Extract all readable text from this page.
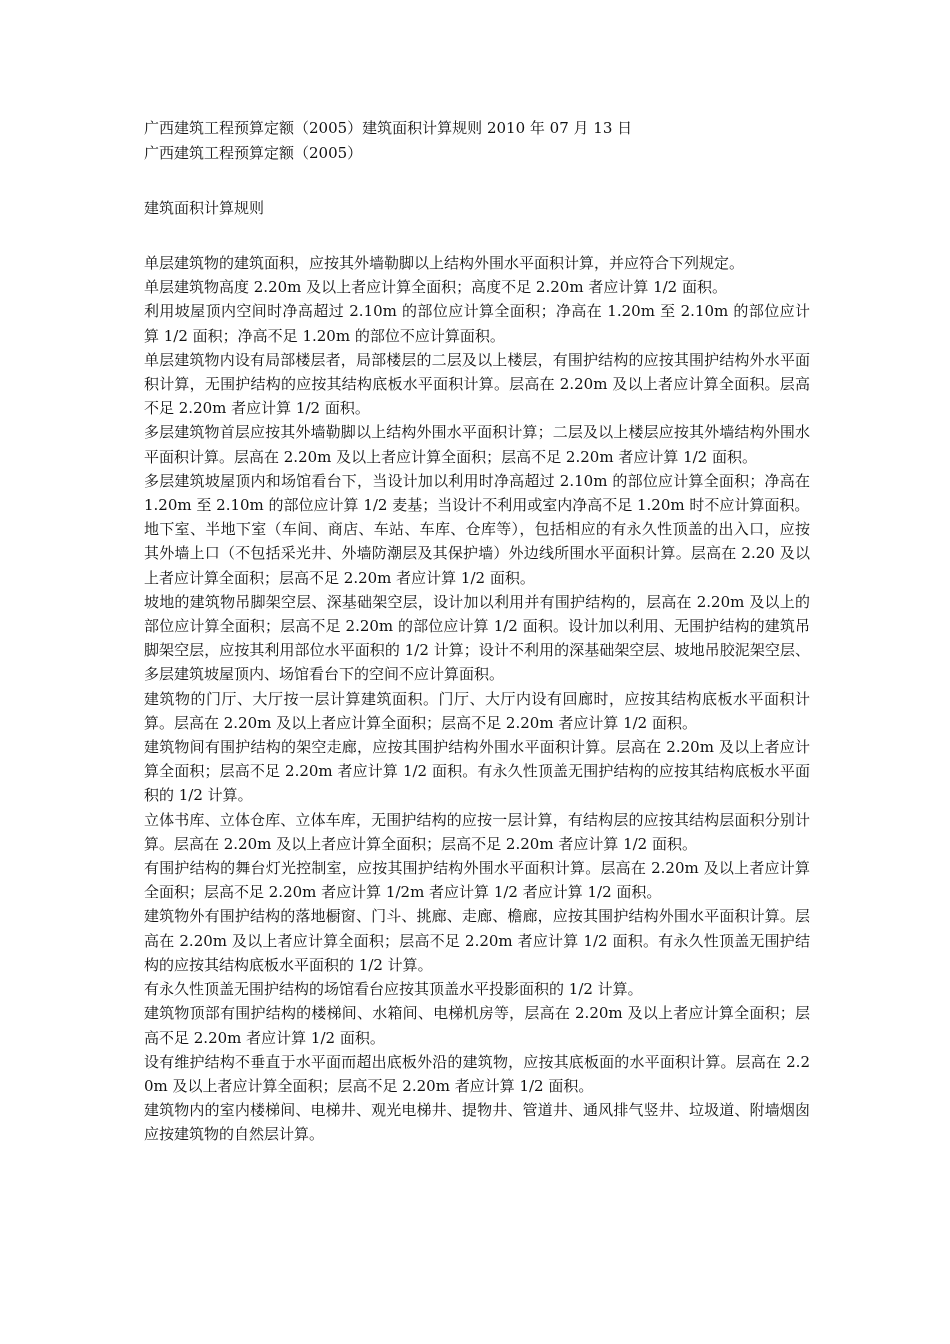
广西建筑工程预算定额（2005）建筑面积计算规则 2010 年 07 月 13 日

广西建筑工程预算定额（2005）

建筑面积计算规则

单层建筑物的建筑面积，应按其外墙勒脚以上结构外围水平面积计算，并应符合下列规定。

单层建筑物高度 2.20m 及以上者应计算全面积；高度不足 2.20m 者应计算 1/2 面积。

利用坡屋顶内空间时净高超过 2.10m 的部位应计算全面积；净高在 1.20m 至 2.10m 的部位应计算 1/2 面积；净高不足 1.20m 的部位不应计算面积。

单层建筑物内设有局部楼层者，局部楼层的二层及以上楼层，有围护结构的应按其围护结构外水平面积计算，无围护结构的应按其结构底板水平面积计算。层高在 2.20m 及以上者应计算全面积。层高不足 2.20m 者应计算 1/2 面积。

多层建筑物首层应按其外墙勒脚以上结构外围水平面积计算；二层及以上楼层应按其外墙结构外围水平面积计算。层高在 2.20m 及以上者应计算全面积；层高不足 2.20m 者应计算 1/2 面积。

多层建筑坡屋顶内和场馆看台下，当设计加以利用时净高超过 2.10m 的部位应计算全面积；净高在 1.20m 至 2.10m 的部位应计算 1/2 麦基；当设计不利用或室内净高不足 1.20m 时不应计算面积。

地下室、半地下室（车间、商店、车站、车库、仓库等），包括相应的有永久性顶盖的出入口，应按其外墙上口（不包括采光井、外墙防潮层及其保护墙）外边线所围水平面积计算。层高在 2.20 及以上者应计算全面积；层高不足 2.20m 者应计算 1/2 面积。

坡地的建筑物吊脚架空层、深基础架空层，设计加以利用并有围护结构的，层高在 2.20m 及以上的部位应计算全面积；层高不足 2.20m 的部位应计算 1/2 面积。设计加以利用、无围护结构的建筑吊脚架空层，应按其利用部位水平面积的 1/2 计算；设计不利用的深基础架空层、坡地吊胶泥架空层、多层建筑坡屋顶内、场馆看台下的空间不应计算面积。

建筑物的门厅、大厅按一层计算建筑面积。门厅、大厅内设有回廊时，应按其结构底板水平面积计算。层高在 2.20m 及以上者应计算全面积；层高不足 2.20m 者应计算 1/2 面积。

建筑物间有围护结构的架空走廊，应按其围护结构外围水平面积计算。层高在 2.20m 及以上者应计算全面积；层高不足 2.20m 者应计算 1/2 面积。有永久性顶盖无围护结构的应按其结构底板水平面积的 1/2 计算。

立体书库、立体仓库、立体车库，无围护结构的应按一层计算，有结构层的应按其结构层面积分别计算。层高在 2.20m 及以上者应计算全面积；层高不足 2.20m 者应计算 1/2 面积。

有围护结构的舞台灯光控制室，应按其围护结构外围水平面积计算。层高在 2.20m 及以上者应计算全面积；层高不足 2.20m 者应计算 1/2m 者应计算 1/2 者应计算 1/2 面积。

建筑物外有围护结构的落地橱窗、门斗、挑廊、走廊、檐廊，应按其围护结构外围水平面积计算。层高在 2.20m 及以上者应计算全面积；层高不足 2.20m 者应计算 1/2 面积。有永久性顶盖无围护结构的应按其结构底板水平面积的 1/2 计算。

有永久性顶盖无围护结构的场馆看台应按其顶盖水平投影面积的 1/2 计算。

建筑物顶部有围护结构的楼梯间、水箱间、电梯机房等，层高在 2.20m 及以上者应计算全面积；层高不足 2.20m 者应计算 1/2 面积。

设有维护结构不垂直于水平面而超出底板外沿的建筑物，应按其底板面的水平面积计算。层高在 2.20m 及以上者应计算全面积；层高不足 2.20m 者应计算 1/2 面积。

建筑物内的室内楼梯间、电梯井、观光电梯井、提物井、管道井、通风排气竖井、垃圾道、附墙烟囱应按建筑物的自然层计算。
